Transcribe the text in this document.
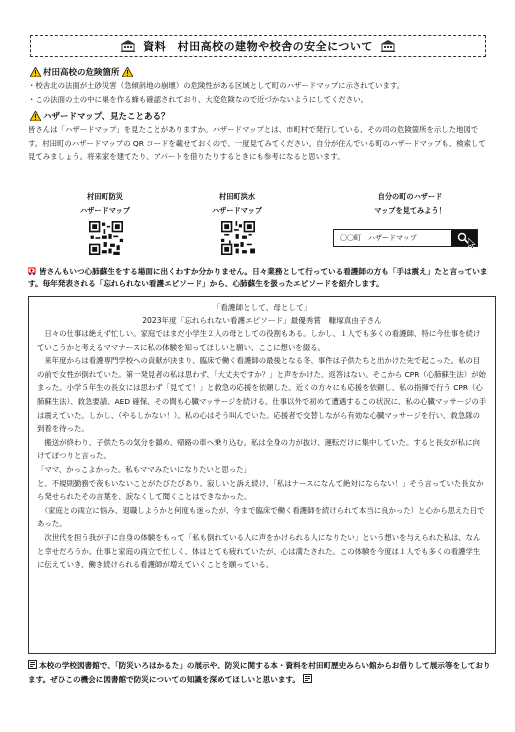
資料　村田高校の建物や校舎の安全について
村田高校の危険箇所
・校舎北の法面が土砂災害（急傾斜地の崩壊）の危険性がある区域として町のハザードマップに示されています。
・この法面の土の中に巣を作る蜂も確認されており、大変危険なので近づかないようにしてください。
ハザードマップ、見たことある？
皆さんは「ハザードマップ」を見たことがありますか。ハザードマップとは、市町村で発行している、その司の危険箇所を示した地図です。村田町のハザードマップの QR コードを載せておくので、一度見てみてください。自分が住んでいる町のハザードマップも、検索して見てみましょう。将来家を建てたり、アパートを借りたりするときにも参考になると思います。
村田町防災
ハザードマップ
村田町洪水
ハザードマップ
自分の町のハザード
マップを見てみよう！
〇〇町　ハザードマップ
皆さんもいつ心肺蘇生をする場面に出くわすか分かりません。日々業務として行っている看護師の方も「手は震え」たと言っています。毎年発表される「忘れられない看護エピソード」から、心肺蘇生を扱ったエピソードを紹介します。
「看護師として、母として」
2023年度「忘れられない看護エピソード」最優秀賞　糠塚真由子さん

　日々の仕事は絶えず忙しい。家庭ではまだ小学生２人の母としての役割もある。しかし、１人でも多くの看護師、特に今仕事を続けていこうかと考えるママナースに私の体験を知ってほしいと願い、ここに想いを綴る。

　来年度からは看護専門学校への貢献が決まり、臨床で働く看護師の最後となる冬、事件は子供たちと出かけた先で起こった。私の目の前で女性が倒れていた。第一発見者の私は思わず、「大丈夫ですか？」と声をかけた。返答はない。そこから CPR（心肺蘇生法）が始まった。小学５年生の長女には思わず「見てて！」と救急の応援を依頼した。近くの方々にも応援を依頼し、私の指揮で行う CPR（心肺蘇生法）、救急要請、AED 確保、その間も心臓マッサージを続ける。仕事以外で初めて遭遇するこの状況に、私の心臓マッサージの手は震えていた。しかし、（やるしかない！）。私の心はそう叫んでいた。応援者で交替しながら有効な心臓マッサージを行い、救急隊の到着を待った。

　搬送が終わり、子供たちの気分を鎮め、帰路の車へ乗り込む。私は全身の力が抜け、運転だけに集中していた。すると長女が私に向けてぽつりと言った。

「ママ、かっこよかった。私もママみたいになりたいと思った」

と。不規則勤務で夜もいないことがたびたびあり、寂しいと訴え続け、「私はナースになんて絶対にならない！」そう言っていた長女から発せられたその言葉を、涙なくして聞くことはできなかった。

　（家庭との両立に悩み、退職しようかと何度も迷ったが、今まで臨床で働く看護師を続けられて本当に良かった）と心から思えた日であった。

　次世代を担う我が子に自身の体験をもって「私も倒れている人に声をかけられる人になりたい」という想いを与えられた私は、なんと幸せだろうか。仕事と家庭の両立で忙しく、体はとても疲れていたが、心は満たされた。この体験を今度は１人でも多くの看護学生に伝えていき、働き続けられる看護師が増えていくことを願っている。

本校の学校図書館で、「防災いろはかるた」の展示や、防災に関する本・資料を村田町歴史みらい館からお借りして展示等をしております。ぜひこの機会に図書館で防災についての知識を深めてほしいと思います。
